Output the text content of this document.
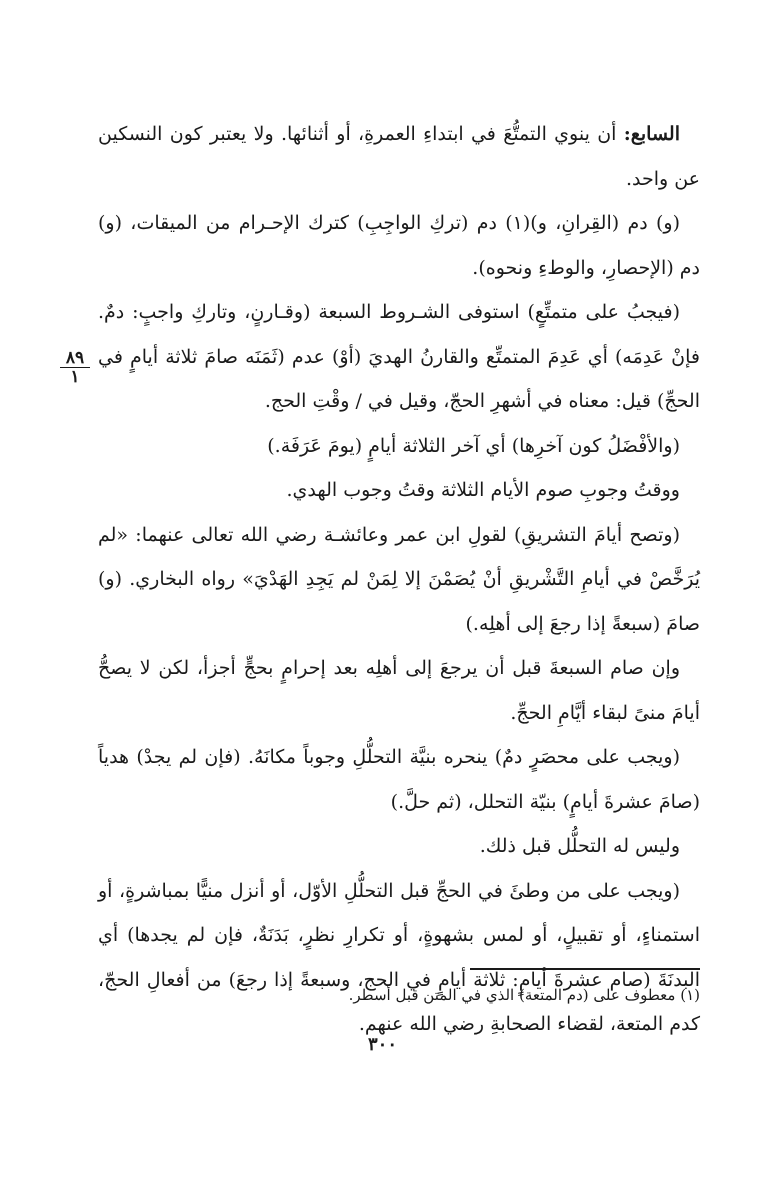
السابع: أن ينوي التمتُّعَ في ابتداءِ العمرةِ، أو أثنائها. ولا يعتبر كون النسكين عن واحد.

(و) دم (القِرانِ، و)(١) دم (تركِ الواجِبِ) كترك الإحـرام من الميقات، (و) دم (الإحصارِ، والوطءِ ونحوه).

(فيجبُ على متمتِّعٍ) استوفى الشـروط السبعة (وقـارنٍ، وتاركِ واجبٍ: دمٌ. فإنْ عَدِمَه) أي عَدِمَ المتمتِّع والقارنُ الهديَ (أوْ) عدم (ثَمَنَه صامَ ثلاثة أيامٍ في الحجِّ) قيل: معناه في أشهرِ الحجّ، وقيل في / وقْتِ الحج.

(والأفْضَلُ كون آخرِها) أي آخر الثلاثة أيامٍ (يومَ عَرَفَة.)

ووقتُ وجوبِ صوم الأيام الثلاثة وقتُ وجوب الهدي.

(وتصح أيامَ التشريقِ) لقولِ ابن عمر وعائشـة رضي الله تعالى عنهما: «لم يُرَخَّصْ في أيامِ التَّشْريقِ أنْ يُصَمْنَ إلا لِمَنْ لم يَجِدِ الهَدْيَ» رواه البخاري. (و) صامَ (سبعةً إذا رجعَ إلى أهلِه.)

وإن صام السبعةَ قبل أن يرجعَ إلى أهلِه بعد إحرامٍ بحجٍّ أجزأ، لكن لا يصحُّ أيامَ منىً لبقاء أيَّامِ الحجِّ.

(ويجب على محصَرٍ دمٌ) ينحره بنيَّة التحلُّلِ وجوباً مكانَهُ. (فإن لم يجدْ) هدياً (صامَ عشرةَ أيامٍ) بنيّة التحلل، (ثم حلَّ.)

وليس له التحلُّل قبل ذلك.

(ويجب على من وطئَ في الحجِّ قبل التحلُّلِ الأوّل، أو أنزل منيًّا بمباشرةٍ، أو استمناءٍ، أو تقبيلٍ، أو لمس بشهوةٍ، أو تكرارِ نظرٍ، بَدَنَةٌ، فإن لم يجدها) أي البدنَةَ (صام عشرةَ أيامٍ: ثلاثة أيامٍ في الحج، وسبعةً إذا رجعَ) من أفعالِ الحجّ، كدم المتعة، لقضاء الصحابةِ رضي الله عنهم.

٨٩
١
(١) معطوف على (دم المتعة) الذي في المتن قبل أسطر.
٣٠٠
